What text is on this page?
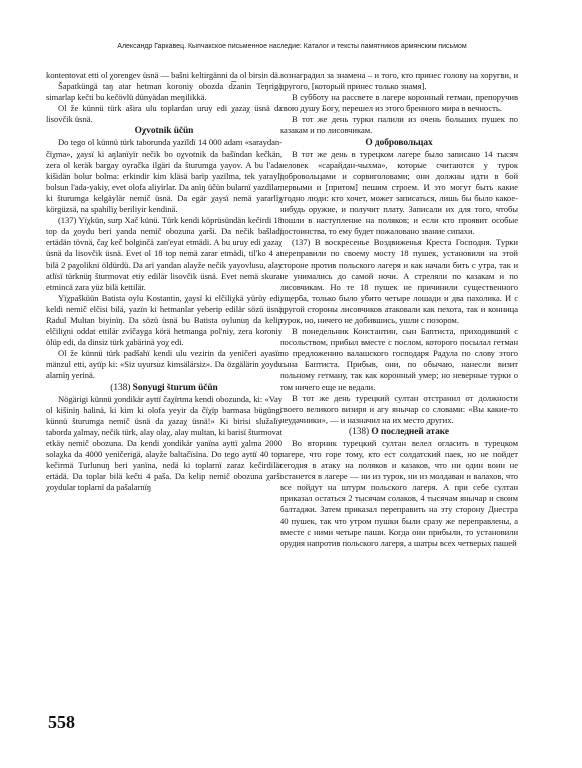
Александр Гаркавец. Кыпчакское письменное наследие: Каталог и тексты памятников армянским письмом

kontentovat etti ol χorengev üsnä — bašni keltirgänni da ol birsin dä.

Šapatküngä taŋ atar hetman koroniy obozda d͡zanin Teŋrigä simarlap kečti bu kečövlü dünyädan meŋilikkä.

Ol že künnü türk ašira ulu toplardan uruy edi χazaχ üsnä da lisovčik üsnä.

Oχvotnik üčün

Do tego ol künnü türk taborunda yazïldï 14 000 adam «saraydan-čïχma», χaysï ki aŋlanïyïr nečik bo oχvotnik da bašïndan kečkän, zera ol keräk bargay oyračka ilgäri da šturumga yayov. A bu l'ada kišidän bolur bolma: erkindir kim kläsä barïp yazïlma, tek yaraylï bolsun l'ada-yakiy, evet olofa aliyïrlar. Da anïŋ üčün bularnï yazdïlar, ki šturumga kelgäylär nemič üsnä. Da egär χaysï nemä yararlïχ körgüzsä, na spahilïχ beriliyir kendinä.

(137) Yïχkün, surp Xač künü. Türk kendi köprüsündän kečirdi 18 top da χoydu beri yanda nemič obozuna χarši. Da nečik bašladï ertädän tövnä, čaχ keč bolginčä zan'eyat etmädi. A bu uruy edi χazaχ üsnä da lisovčik üsnä. Evet ol 18 top nemä zarar etmädi, til'ko 4 at bilä 2 paχolikni öldürdü. Da arï yandan alayže nečik yayovlusu, alay atlïsï türknüŋ šturmovat etiy edilär lisovčik üsnä. Evet nemä skurat etmincä zara yüz bilä kettilär.

Yïχpašküün Batista oylu Kostantin, χaysï ki elčiliχkä yürüy edi, keldi nemič elčisi bilä, yazïn ki hetmanlar yeberip edilär sözü üsnä Radul Multan biyinïŋ. Da sözü üsnä bu Batista oylunuŋ da kelip elčiliχni oddat ettilär zvïčayga körä hetmanga pol'niy, zera koroniy ölüp edi, da dinsiz türk χabärinä yoχ edi.

Ol že künnü türk padšahï kendi ulu vezirin da yeničeri ayasïn mänzul etti, aytïp ki: «Siz uyursuz kimsälärsiz». Da özgälärin χoydu alarnïŋ yerinä.

(138) Sonyugi šturum üčün

Nögärigi künnü χondikär ayttï čaχïrtma kendi obozunda, ki: «Vay ol kišinïŋ halinä, ki kim ki olofa yeyir da čïχïp barmasa bügüngi künnü šturumga nemič üsnä da χazaχ üsnä!» Ki birisi služalïy taborda χalmay, nečik türk, alay olaχ, alay multan, ki barisï šturmovat etkäy nemič obozuna. Da kendi χondikär yanïna ayttï χalma 2000 solaχka da 4000 yeničerigä, alayže baltačïsïna. Do tego ayttï 40 top kečirmä Turlunuŋ beri yanïna, nedä ki toplarnï zaraz kečirdilär ertädä. Da toplar bilä kečti 4 paša. Da kelip nemič obozuna χarši χoydular toplarnï da pašalarnïŋ

вознаградил за знамена – и того, кто принес голову на хоругви, и другого, [который принес только знамя].

В субботу на рассвете в лагере коронный гетман, препоручив свою душу Богу, перешел из этого бренного мира в вечность.

В тот же день турки палили из очень больших пушек по казакам и по лисовчикам.

О добровольцах

В тот же день в турецком лагере было записано 14 тысяч человек «сарайдан-чыхма», которые считаются у турок добровольцами и сорвиголовами; они должны идти в бой первыми и [притом] пешим строем. И это могут быть какие угодно люди: кто хочет, может записаться, лишь бы было какое-нибудь оружие, и получит плату. Записали их для того, чтобы пошли в наступление на поляков; и если кто проявит особые достоинства, то ему будет пожаловано звание сипахи.

(137) В воскресенье Воздвиженья Креста Господня. Турки переправили по своему мосту 18 пушек, установили на этой стороне против польского лагеря и как начали бить с утра, так и не унимались до самой ночи. А стреляли по казакам и по лисовчикам. Но те 18 пушек не причинили существенного ущерба, только было убито четыре лошади и два пахолика. И с другой стороны лисовчиков атаковали как пехота, так и конница турок, но, ничего не добившись, ушли с позором.

В понедельник Константин, сын Баптиста, приходивший с посольством, прибыл вместе с послом, которого посылал гетман по предложению валашского господаря Радула по слову этого сына Баптиста. Прибыв, они, по обычаю, нанесли визит польному гетману, так как коронный умер; но неверные турки о том ничего еще не ведали.

В тот же день турецкий султан отстранил от должности своего великого визиря и агу янычар со словами: «Вы какие-то неудачники», — и назначил на их место других.

(138) О последней атаке

Во вторник турецкий султан велел огласить в турецком лагере, что горе тому, кто ест солдатский паек, но не пойдет сегодня в атаку на поляков и казаков, что ни один воин не останется в лагере — ни из турок, ни из молдаван и валахов, что все пойдут на штурм польского лагеря. А при себе султан приказал остаться 2 тысячам солаков, 4 тысячам янычар и своим балтаджи. Затем приказал переправить на эту сторону Днестра 40 пушек, так что утром пушки были сразу же переправлены, а вместе с ними четыре паши. Когда они прибыли, то установили орудия напротив польского лагеря, а шатры всех четверых пашей

558
